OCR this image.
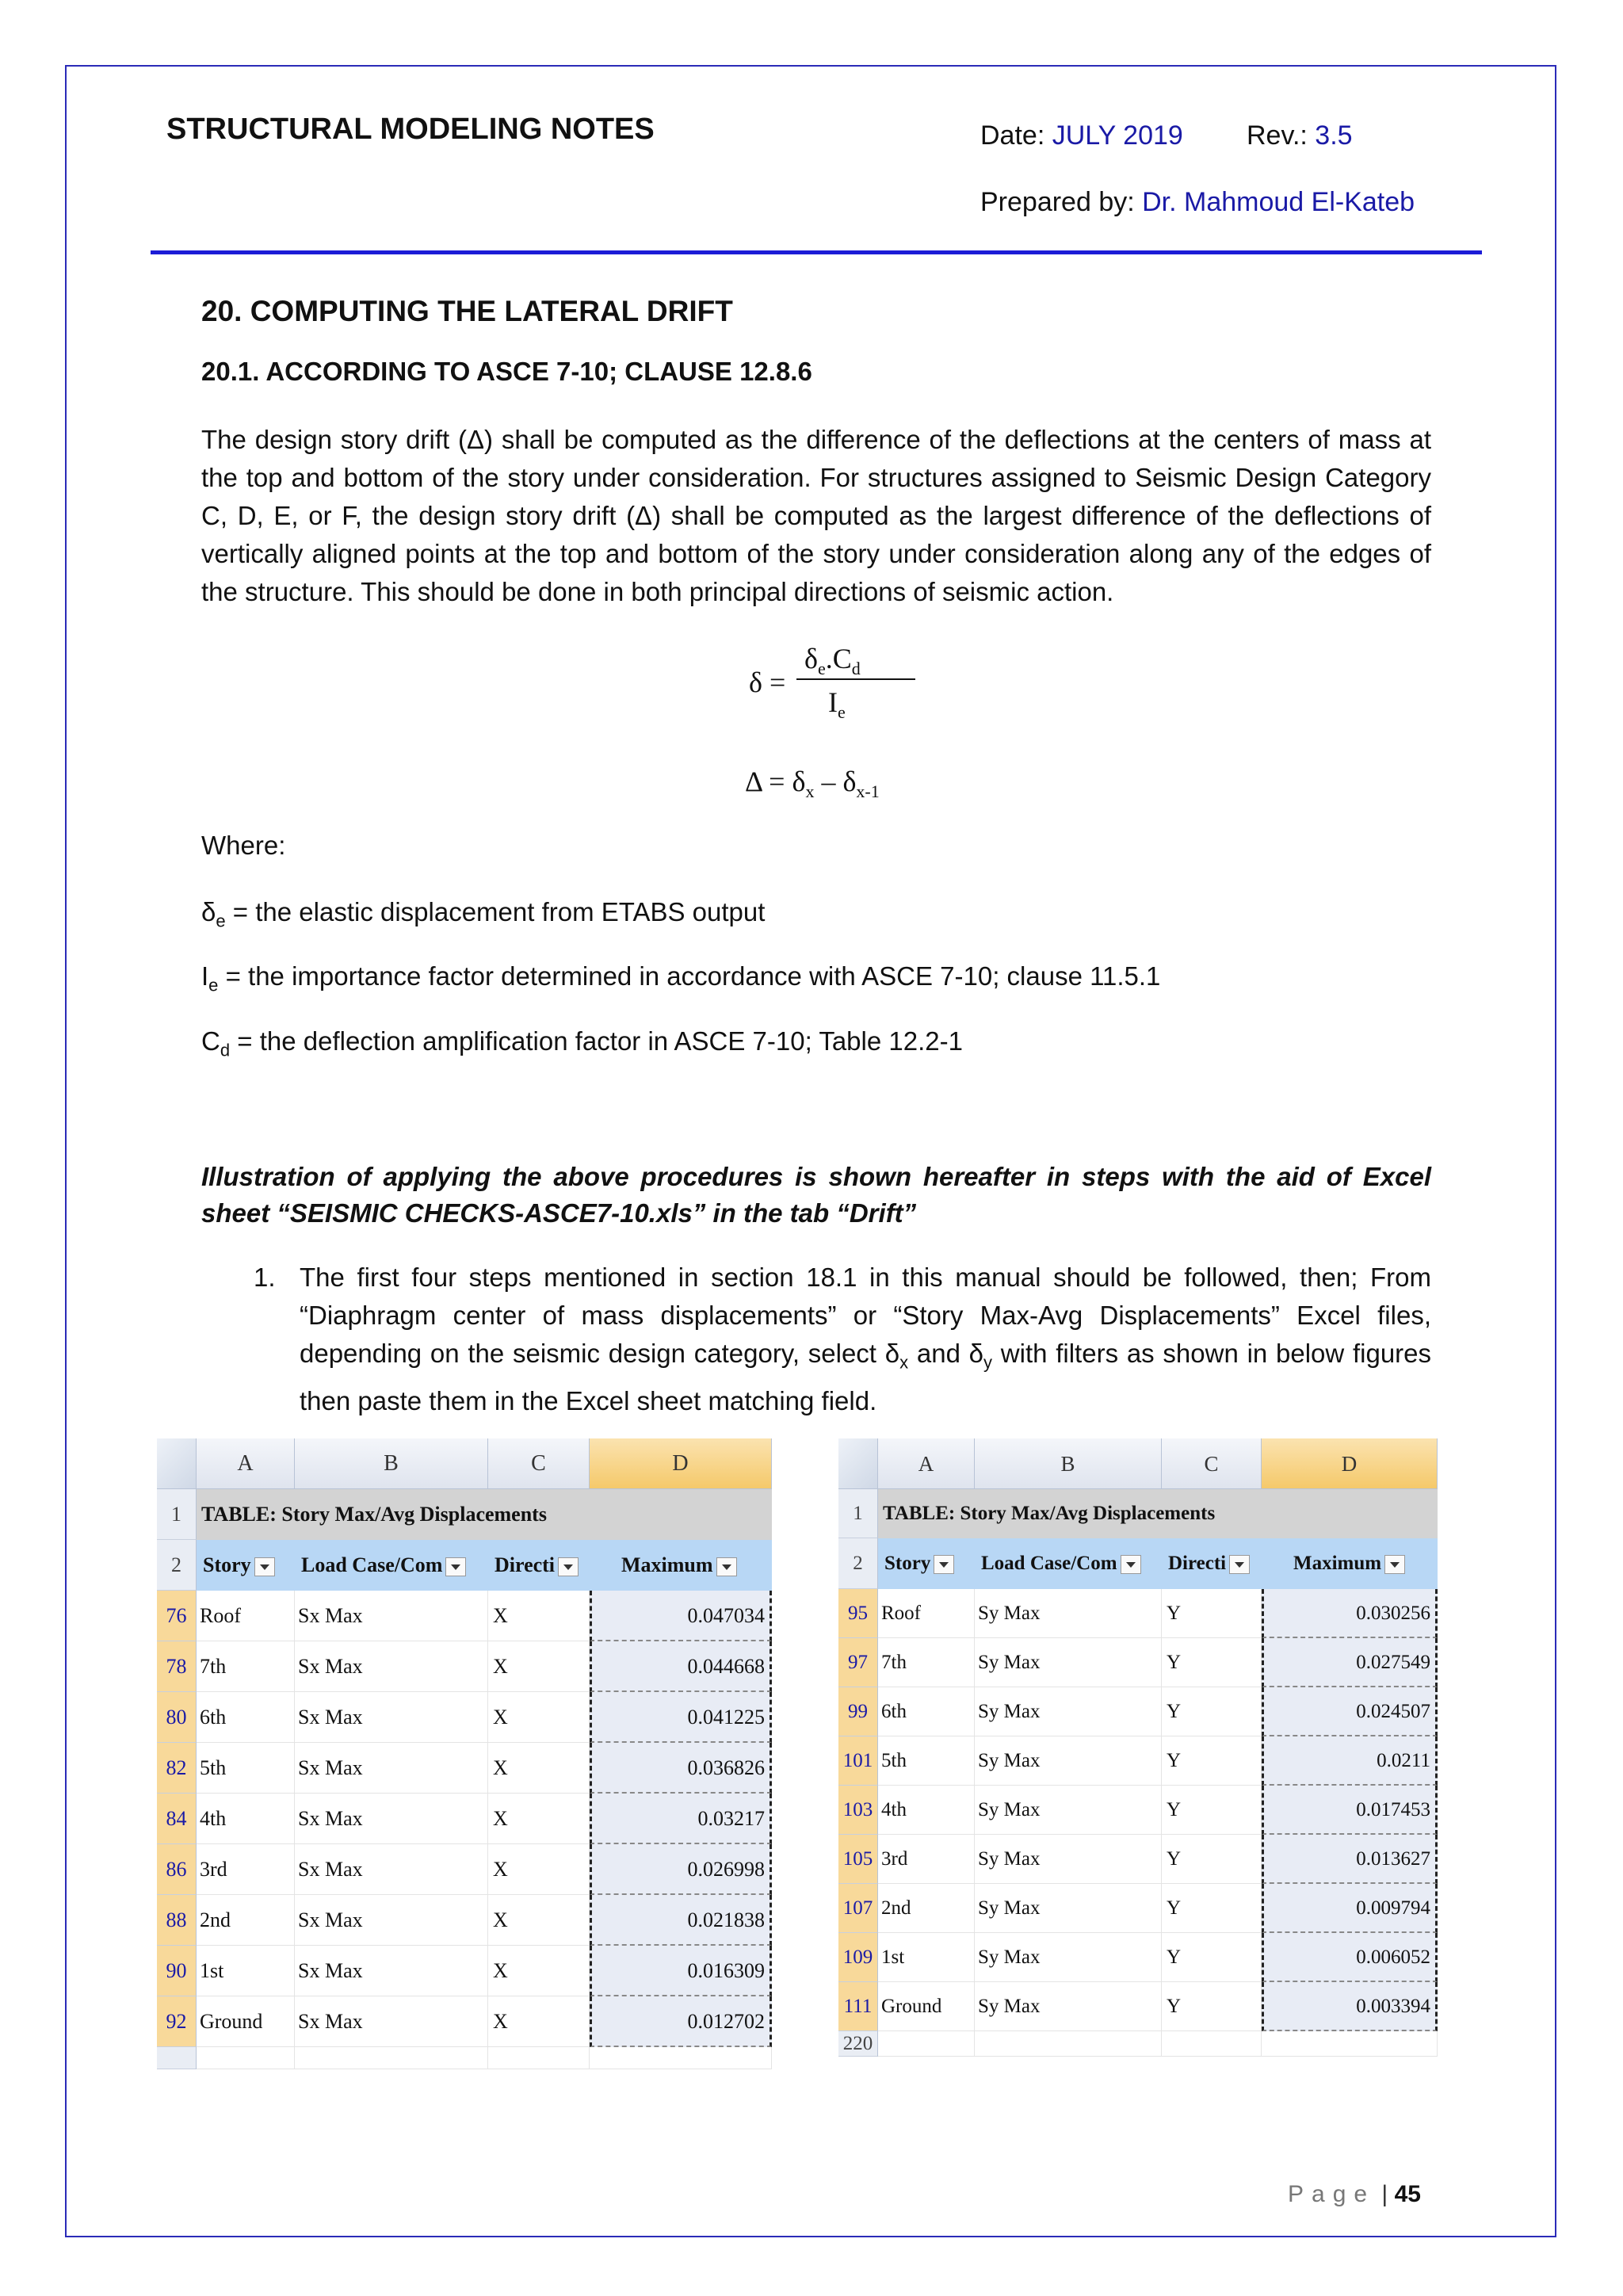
STRUCTURAL MODELING NOTES	Date: JULY 2019 Rev.: 3.5
Prepared by: Dr. Mahmoud El-Kateb
20. COMPUTING THE LATERAL DRIFT
20.1. ACCORDING TO ASCE 7-10; CLAUSE 12.8.6
The design story drift (Δ) shall be computed as the difference of the deflections at the centers of mass at the top and bottom of the story under consideration. For structures assigned to Seismic Design Category C, D, E, or F, the design story drift (Δ) shall be computed as the largest difference of the deflections of vertically aligned points at the top and bottom of the story under consideration along any of the edges of the structure. This should be done in both principal directions of seismic action.
δ =
$\delta_e.C_d$
$I_e$
$\Delta = \delta_x - \delta_{x-1}$
Where:
$\delta_e$ = the elastic displacement from ETABS output
$I_e$ = the importance factor determined in accordance with ASCE 7-10; clause 11.5.1
$C_d$ = the deflection amplification factor in ASCE 7-10; Table 12.2-1
Illustration of applying the above procedures is shown hereafter in steps with the aid of Excel sheet “SEISMIC CHECKS-ASCE7-10.xls” in the tab “Drift”
1. The first four steps mentioned in section 18.1 in this manual should be followed, then; From “Diaphragm center of mass displacements” or “Story Max-Avg Displacements” Excel files, depending on the seismic design category, select $\delta_x$ and $\delta_y$ with filters as shown in below figures then paste them in the Excel sheet matching field.
A	B	C	D
1 TABLE: Story Max/Avg Displacements
2	Story	Load Case/Com	Directi	Maximum
76 Roof	Sx Max	X	0.047034
78 7th	Sx Max	X	0.044668
80 6th	Sx Max	X	0.041225
82 5th	Sx Max	X	0.036826
84 4th	Sx Max	X	0.03217
86 3rd	Sx Max	X	0.026998
88 2nd	Sx Max	X	0.021838
90 1st	Sx Max	X	0.016309
92 Ground	Sx Max	X	0.012702
A	B	C	D
1	TABLE: Story Max/Avg Displacements
2	Story	Load Case/Com	Directi	Maximum
95 Roof	Sy Max	Y	0.030256
97 7th	Sy Max	Y	0.027549
99 6th	Sy Max	Y	0.024507
101 5th	Sy Max	Y	0.0211
103 4th	Sy Max	Y	0.017453
105 3rd	Sy Max	Y	0.013627
107 2nd	Sy Max	Y	0.009794
109 1st	Sy Max	Y	0.006052
111 Ground	Sy Max	Y	0.003394
220
Page | 45
